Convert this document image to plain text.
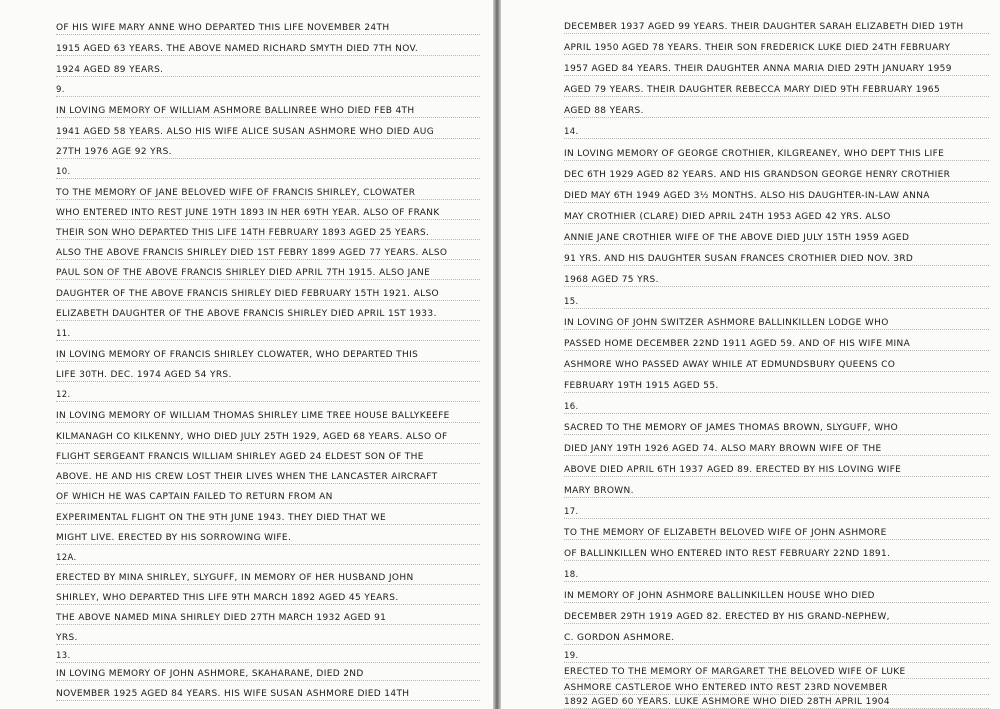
OF HIS WIFE MARY ANNE WHO DEPARTED THIS LIFE NOVEMBER 24TH
1915 AGED 63 YEARS. THE ABOVE NAMED RICHARD SMYTH DIED 7TH NOV.
1924 AGED 89 YEARS.
9.
IN LOVING MEMORY OF WILLIAM ASHMORE BALLINREE WHO DIED FEB 4TH
1941 AGED 58 YEARS. ALSO HIS WIFE ALICE SUSAN ASHMORE WHO DIED AUG
27TH 1976 AGE 92 YRS.
10.
TO THE MEMORY OF JANE BELOVED WIFE OF FRANCIS SHIRLEY, CLOWATER
WHO ENTERED INTO REST JUNE 19TH 1893 IN HER 69TH YEAR. ALSO OF FRANK
THEIR SON WHO DEPARTED THIS LIFE 14TH FEBRUARY 1893 AGED 25 YEARS.
ALSO THE ABOVE FRANCIS SHIRLEY DIED 1ST FEBRY 1899 AGED 77 YEARS. ALSO
PAUL SON OF THE ABOVE FRANCIS SHIRLEY DIED APRIL 7TH 1915. ALSO JANE
DAUGHTER OF THE ABOVE FRANCIS SHIRLEY DIED FEBRUARY 15TH 1921. ALSO
ELIZABETH DAUGHTER OF THE ABOVE FRANCIS SHIRLEY DIED APRIL 1ST 1933.
11.
IN LOVING MEMORY OF FRANCIS SHIRLEY CLOWATER, WHO DEPARTED THIS
LIFE 30TH. DEC. 1974 AGED 54 YRS.
12.
IN LOVING MEMORY OF WILLIAM THOMAS SHIRLEY LIME TREE HOUSE BALLYKEEFE
KILMANAGH CO KILKENNY, WHO DIED JULY 25TH 1929, AGED 68 YEARS. ALSO OF
FLIGHT SERGEANT FRANCIS WILLIAM SHIRLEY AGED 24 ELDEST SON OF THE
ABOVE. HE AND HIS CREW LOST THEIR LIVES WHEN THE LANCASTER AIRCRAFT
OF WHICH HE WAS CAPTAIN FAILED TO RETURN FROM AN
EXPERIMENTAL FLIGHT ON THE 9TH JUNE 1943. THEY DIED THAT WE
MIGHT LIVE. ERECTED BY HIS SORROWING WIFE.
12A.
ERECTED BY MINA SHIRLEY, SLYGUFF, IN MEMORY OF HER HUSBAND JOHN
SHIRLEY, WHO DEPARTED THIS LIFE 9TH MARCH 1892 AGED 45 YEARS.
THE ABOVE NAMED MINA SHIRLEY DIED 27TH MARCH 1932 AGED 91
YRS.
13.
IN LOVING MEMORY OF JOHN ASHMORE, SKAHARANE, DIED 2ND
NOVEMBER 1925 AGED 84 YEARS. HIS WIFE SUSAN ASHMORE DIED 14TH
DECEMBER 1937 AGED 99 YEARS. THEIR DAUGHTER SARAH ELIZABETH DIED 19TH
APRIL 1950 AGED 78 YEARS. THEIR SON FREDERICK LUKE DIED 24TH FEBRUARY
1957 AGED 84 YEARS. THEIR DAUGHTER ANNA MARIA DIED 29TH JANUARY 1959
AGED 79 YEARS. THEIR DAUGHTER REBECCA MARY DIED 9TH FEBRUARY 1965
AGED 88 YEARS.
14.
IN LOVING MEMORY OF GEORGE CROTHIER, KILGREANEY, WHO DEPT THIS LIFE
DEC 6TH 1929 AGED 82 YEARS. AND HIS GRANDSON GEORGE HENRY CROTHIER
DIED MAY 6TH 1949 AGED 3½ MONTHS. ALSO HIS DAUGHTER-IN-LAW ANNA
MAY CROTHIER (CLARE) DIED APRIL 24TH 1953 AGED 42 YRS. ALSO
ANNIE JANE CROTHIER WIFE OF THE ABOVE DIED JULY 15TH 1959 AGED
91 YRS. AND HIS DAUGHTER SUSAN FRANCES CROTHIER DIED NOV. 3RD
1968 AGED 75 YRS.
15.
IN LOVING OF JOHN SWITZER ASHMORE BALLINKILLEN LODGE WHO
PASSED HOME DECEMBER 22ND 1911 AGED 59. AND OF HIS WIFE MINA
ASHMORE WHO PASSED AWAY WHILE AT EDMUNDSBURY QUEENS CO
FEBRUARY 19TH 1915 AGED 55.
16.
SACRED TO THE MEMORY OF JAMES THOMAS BROWN, SLYGUFF, WHO
DIED JANY 19TH 1926 AGED 74. ALSO MARY BROWN WIFE OF THE
ABOVE DIED APRIL 6TH 1937 AGED 89. ERECTED BY HIS LOVING WIFE
MARY BROWN.
17.
TO THE MEMORY OF ELIZABETH BELOVED WIFE OF JOHN ASHMORE
OF BALLINKILLEN WHO ENTERED INTO REST FEBRUARY 22ND 1891.
18.
IN MEMORY OF JOHN ASHMORE BALLINKILLEN HOUSE WHO DIED
DECEMBER 29TH 1919 AGED 82. ERECTED BY HIS GRAND-NEPHEW,
C. GORDON ASHMORE.
19.
ERECTED TO THE MEMORY OF MARGARET THE BELOVED WIFE OF LUKE
ASHMORE CASTLEROE WHO ENTERED INTO REST 23RD NOVEMBER
1892 AGED 60 YEARS. LUKE ASHMORE WHO DIED 28TH APRIL 1904
